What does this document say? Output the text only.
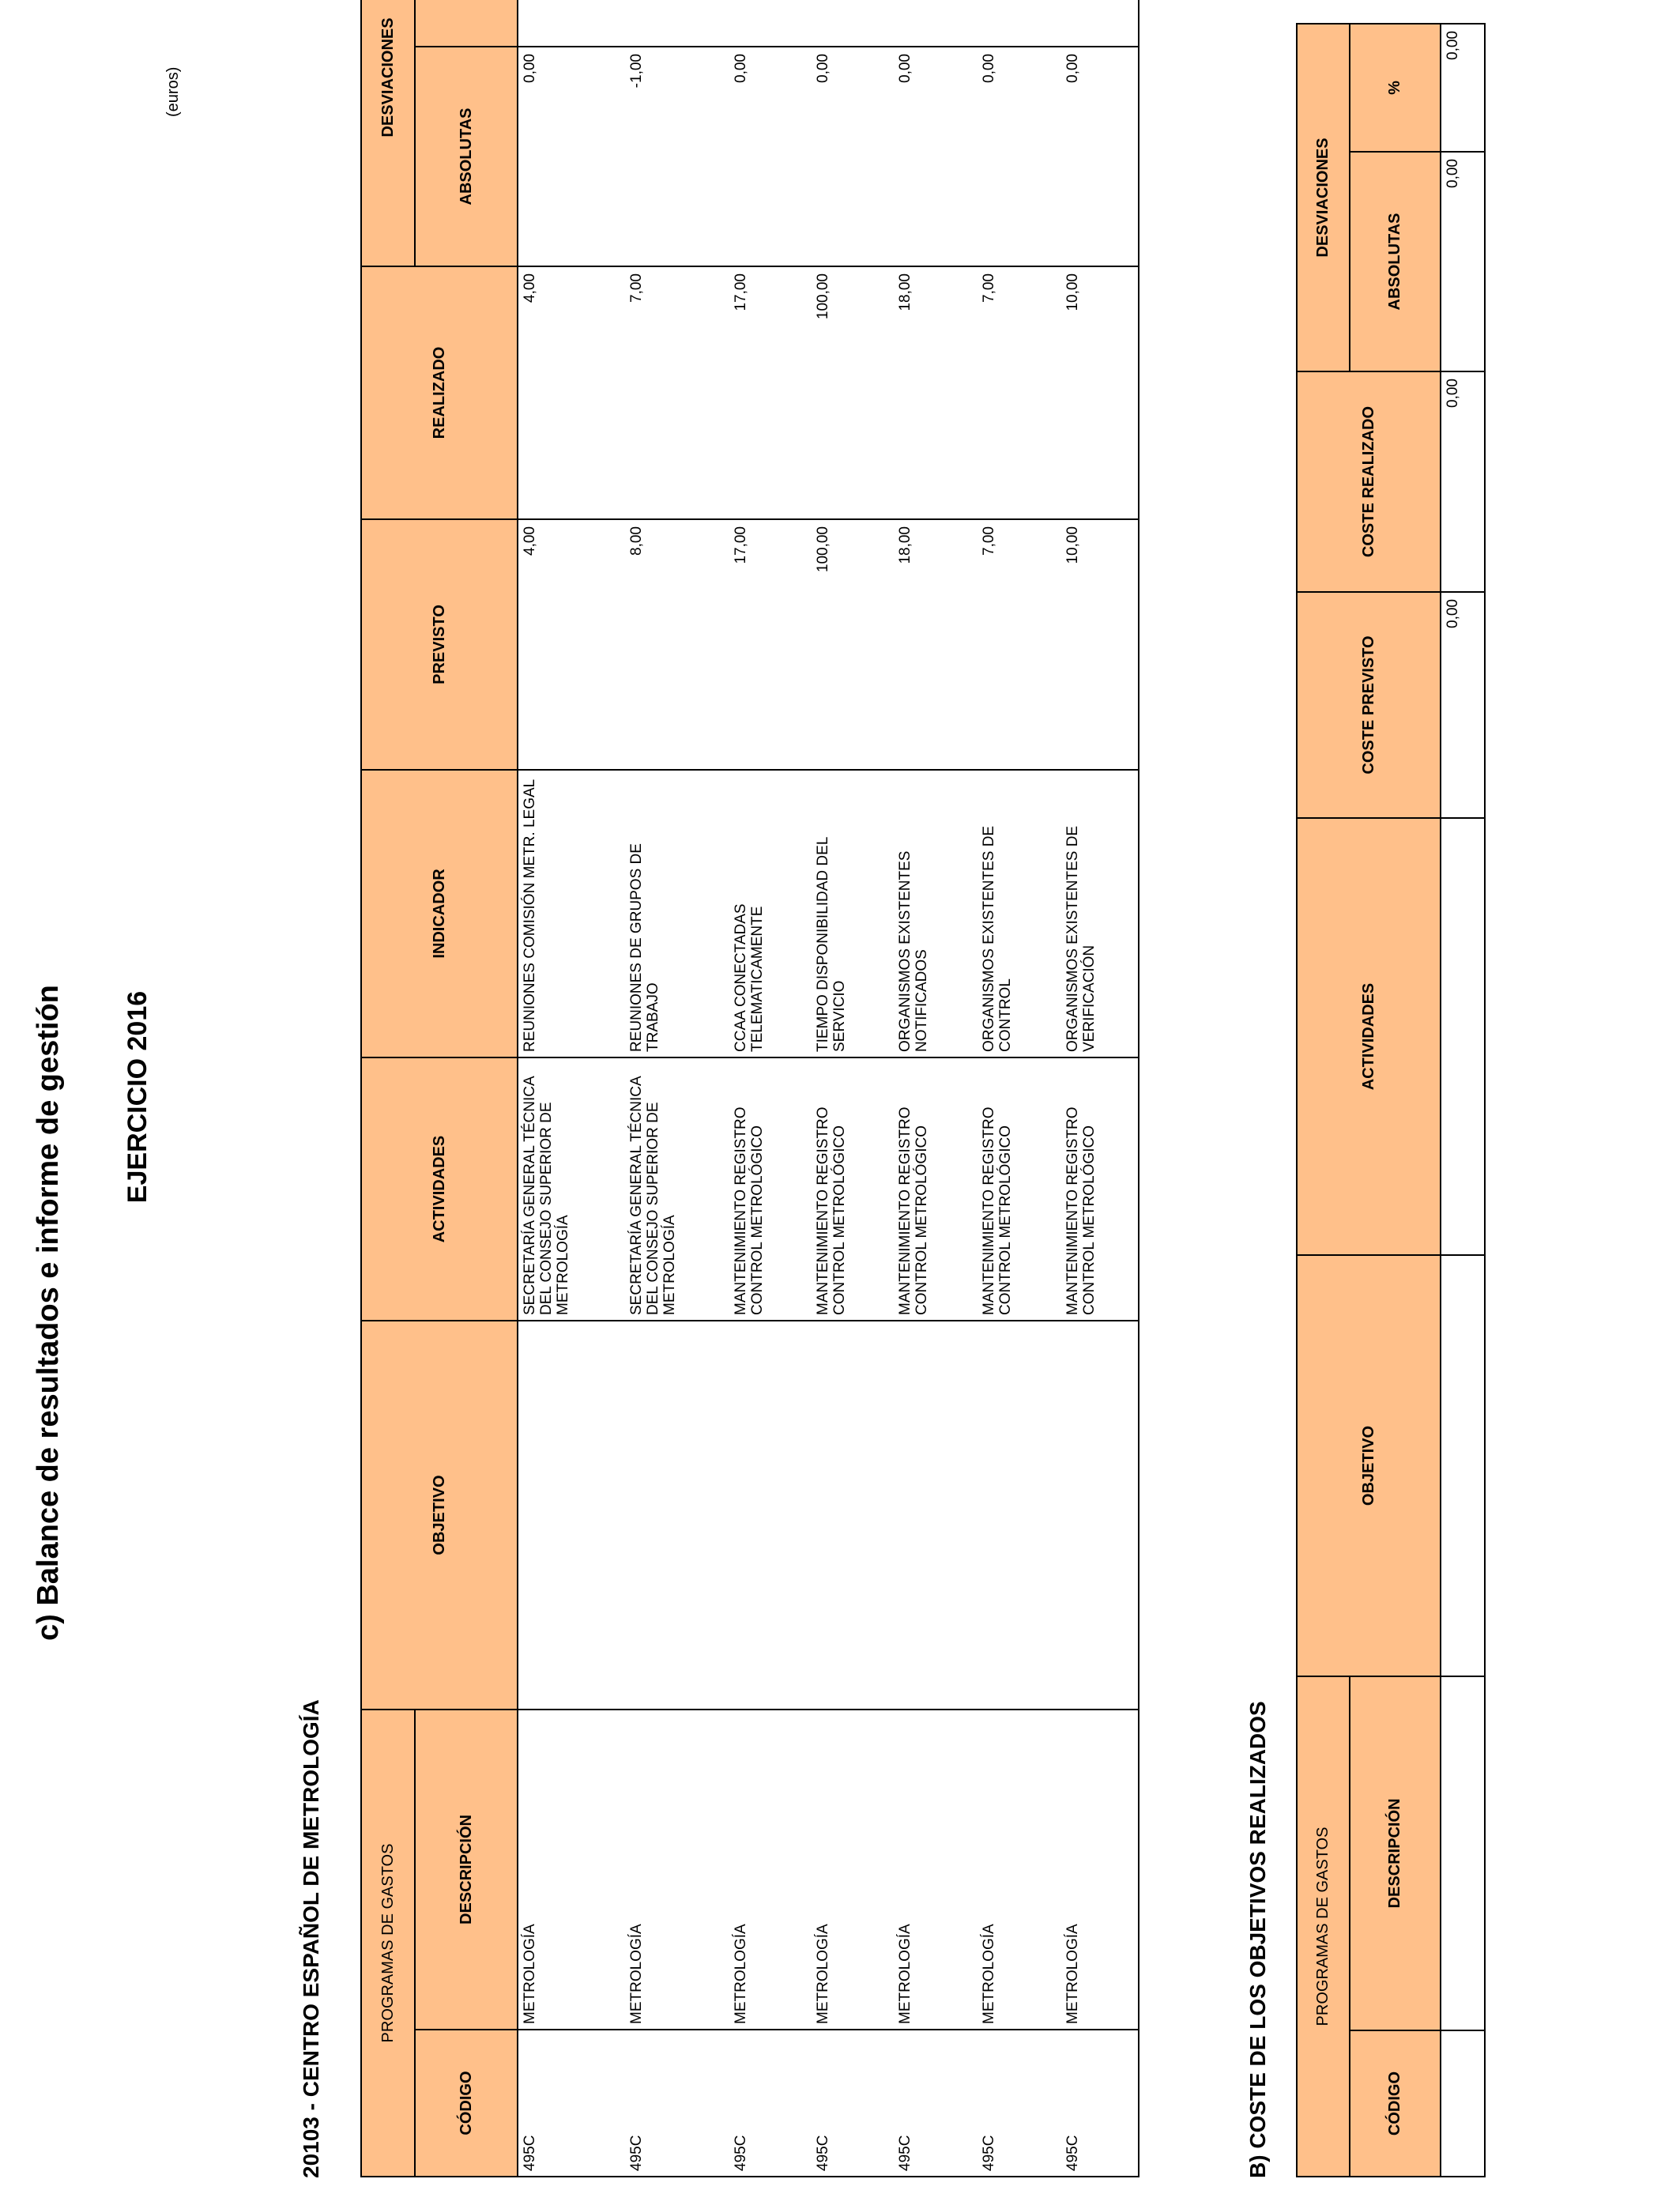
c) Balance de resultados e informe de gestión EJERCICIO 2016
(euros)
20103 - CENTRO ESPAÑOL DE METROLOGÍA	PROGRAMAS DE GASTOS		OBJETIVO	ACTIVIDADES	INDICADOR	PREVISTO	REALIZADO	DESVIACIONES	
CÓDIGO	DESCRIPCIÓN						ABSOLUTAS	
495C	METROLOGÍA		SECRETARÍA GENERAL TÉCNICA DEL CONSEJO SUPERIOR DE METROLOGÍA	REUNIONES COMISIÓN METR. LEGAL	4,00	4,00	0,00	
495C	METROLOGÍA		SECRETARÍA GENERAL TÉCNICA DEL CONSEJO SUPERIOR DE METROLOGÍA	REUNIONES DE GRUPOS DE TRABAJO	8,00	7,00	-1,00	
495C	METROLOGÍA		MANTENIMIENTO REGISTRO CONTROL METROLÓGICO	CCAA CONECTADAS TELEMATICAMENTE	17,00	17,00	0,00	
495C	METROLOGÍA		MANTENIMIENTO REGISTRO CONTROL METROLÓGICO	TIEMPO DISPONIBILIDAD DEL SERVICIO	100,00	100,00	0,00	
495C	METROLOGÍA		MANTENIMIENTO REGISTRO CONTROL METROLÓGICO	ORGANISMOS EXISTENTES NOTIFICADOS	18,00	18,00	0,00	
495C	METROLOGÍA		MANTENIMIENTO REGISTRO CONTROL METROLÓGICO	ORGANISMOS EXISTENTES DE CONTROL	7,00	7,00	0,00	
495C	METROLOGÍA		MANTENIMIENTO REGISTRO CONTROL METROLÓGICO	ORGANISMOS EXISTENTES DE VERIFICACIÓN	10,00	10,00	0,00	
B) COSTE DE LOS OBJETIVOS REALIZADOS	PROGRAMAS DE GASTOS		OBJETIVO	ACTIVIDADES	COSTE PREVISTO	COSTE REALIZADO	DESVIACIONES	
CÓDIGO	DESCRIPCIÓN					ABSOLUTAS	%
				0,00	0,00	0,00	0,00
